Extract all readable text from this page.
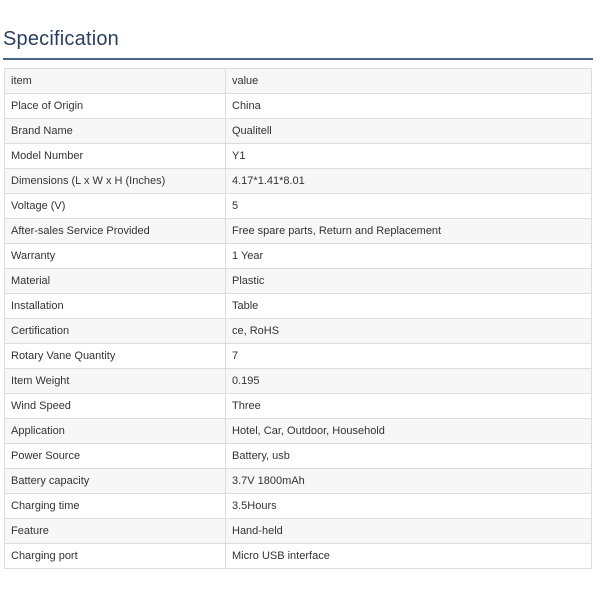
Specification
item	value
Place of Origin	China
Brand Name	Qualitell
Model Number	Y1
Dimensions (L x W x H (Inches)	4.17*1.41*8.01
Voltage (V)	5
After-sales Service Provided	Free spare parts, Return and Replacement
Warranty	1 Year
Material	Plastic
Installation	Table
Certification	ce, RoHS
Rotary Vane Quantity	7
Item Weight	0.195
Wind Speed	Three
Application	Hotel, Car, Outdoor, Household
Power Source	Battery, usb
Battery capacity	3.7V 1800mAh
Charging time	3.5Hours
Feature	Hand-held
Charging port	Micro USB interface
